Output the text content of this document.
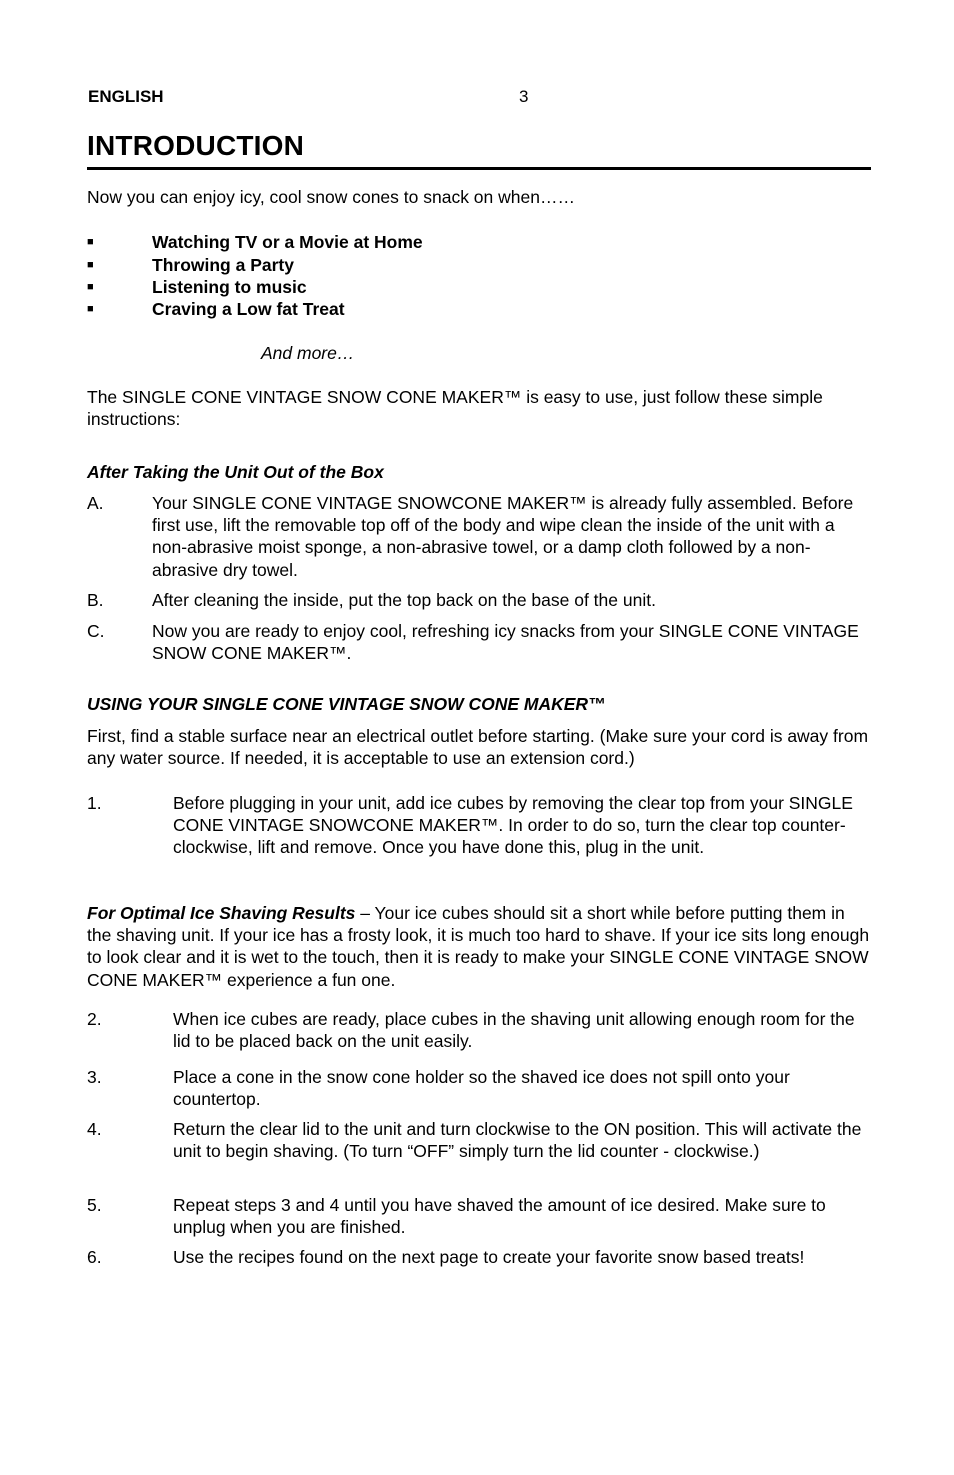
ENGLISH	3
INTRODUCTION
Now you can enjoy icy, cool snow cones to snack on when……
■	Watching TV or a Movie at Home
■	Throwing a Party
■	Listening to music
■	Craving a Low fat Treat
And more…
The SINGLE CONE VINTAGE SNOW CONE MAKER™ is easy to use, just follow these simple instructions:
After Taking the Unit Out of the Box
A.	Your SINGLE CONE VINTAGE SNOWCONE MAKER™ is already fully assembled. Before first use, lift the removable top off of the body and wipe clean the inside of the unit with a non-abrasive moist sponge, a non-abrasive towel, or a damp cloth followed by a non-abrasive dry towel.
B.	After cleaning the inside, put the top back on the base of the unit.
C.	Now you are ready to enjoy cool, refreshing icy snacks from your SINGLE CONE VINTAGE SNOW CONE MAKER™.
USING YOUR SINGLE CONE VINTAGE SNOW CONE MAKER™
First, find a stable surface near an electrical outlet before starting. (Make sure your cord is away from any water source. If needed, it is acceptable to use an extension cord.)
1.	Before plugging in your unit, add ice cubes by removing the clear top from your SINGLE CONE VINTAGE SNOWCONE MAKER™. In order to do so, turn the clear top counter-clockwise, lift and remove. Once you have done this, plug in the unit.
For Optimal Ice Shaving Results – Your ice cubes should sit a short while before putting them in the shaving unit. If your ice has a frosty look, it is much too hard to shave. If your ice sits long enough to look clear and it is wet to the touch, then it is ready to make your SINGLE CONE VINTAGE SNOW CONE MAKER™ experience a fun one.
2.	When ice cubes are ready, place cubes in the shaving unit allowing enough room for the lid to be placed back on the unit easily.
3.	Place a cone in the snow cone holder so the shaved ice does not spill onto your countertop.
4.	Return the clear lid to the unit and turn clockwise to the ON position. This will activate the unit to begin shaving. (To turn “OFF” simply turn the lid counter - clockwise.)
5.	Repeat steps 3 and 4 until you have shaved the amount of ice desired. Make sure to unplug when you are finished.
6.	Use the recipes found on the next page to create your favorite snow based treats!
